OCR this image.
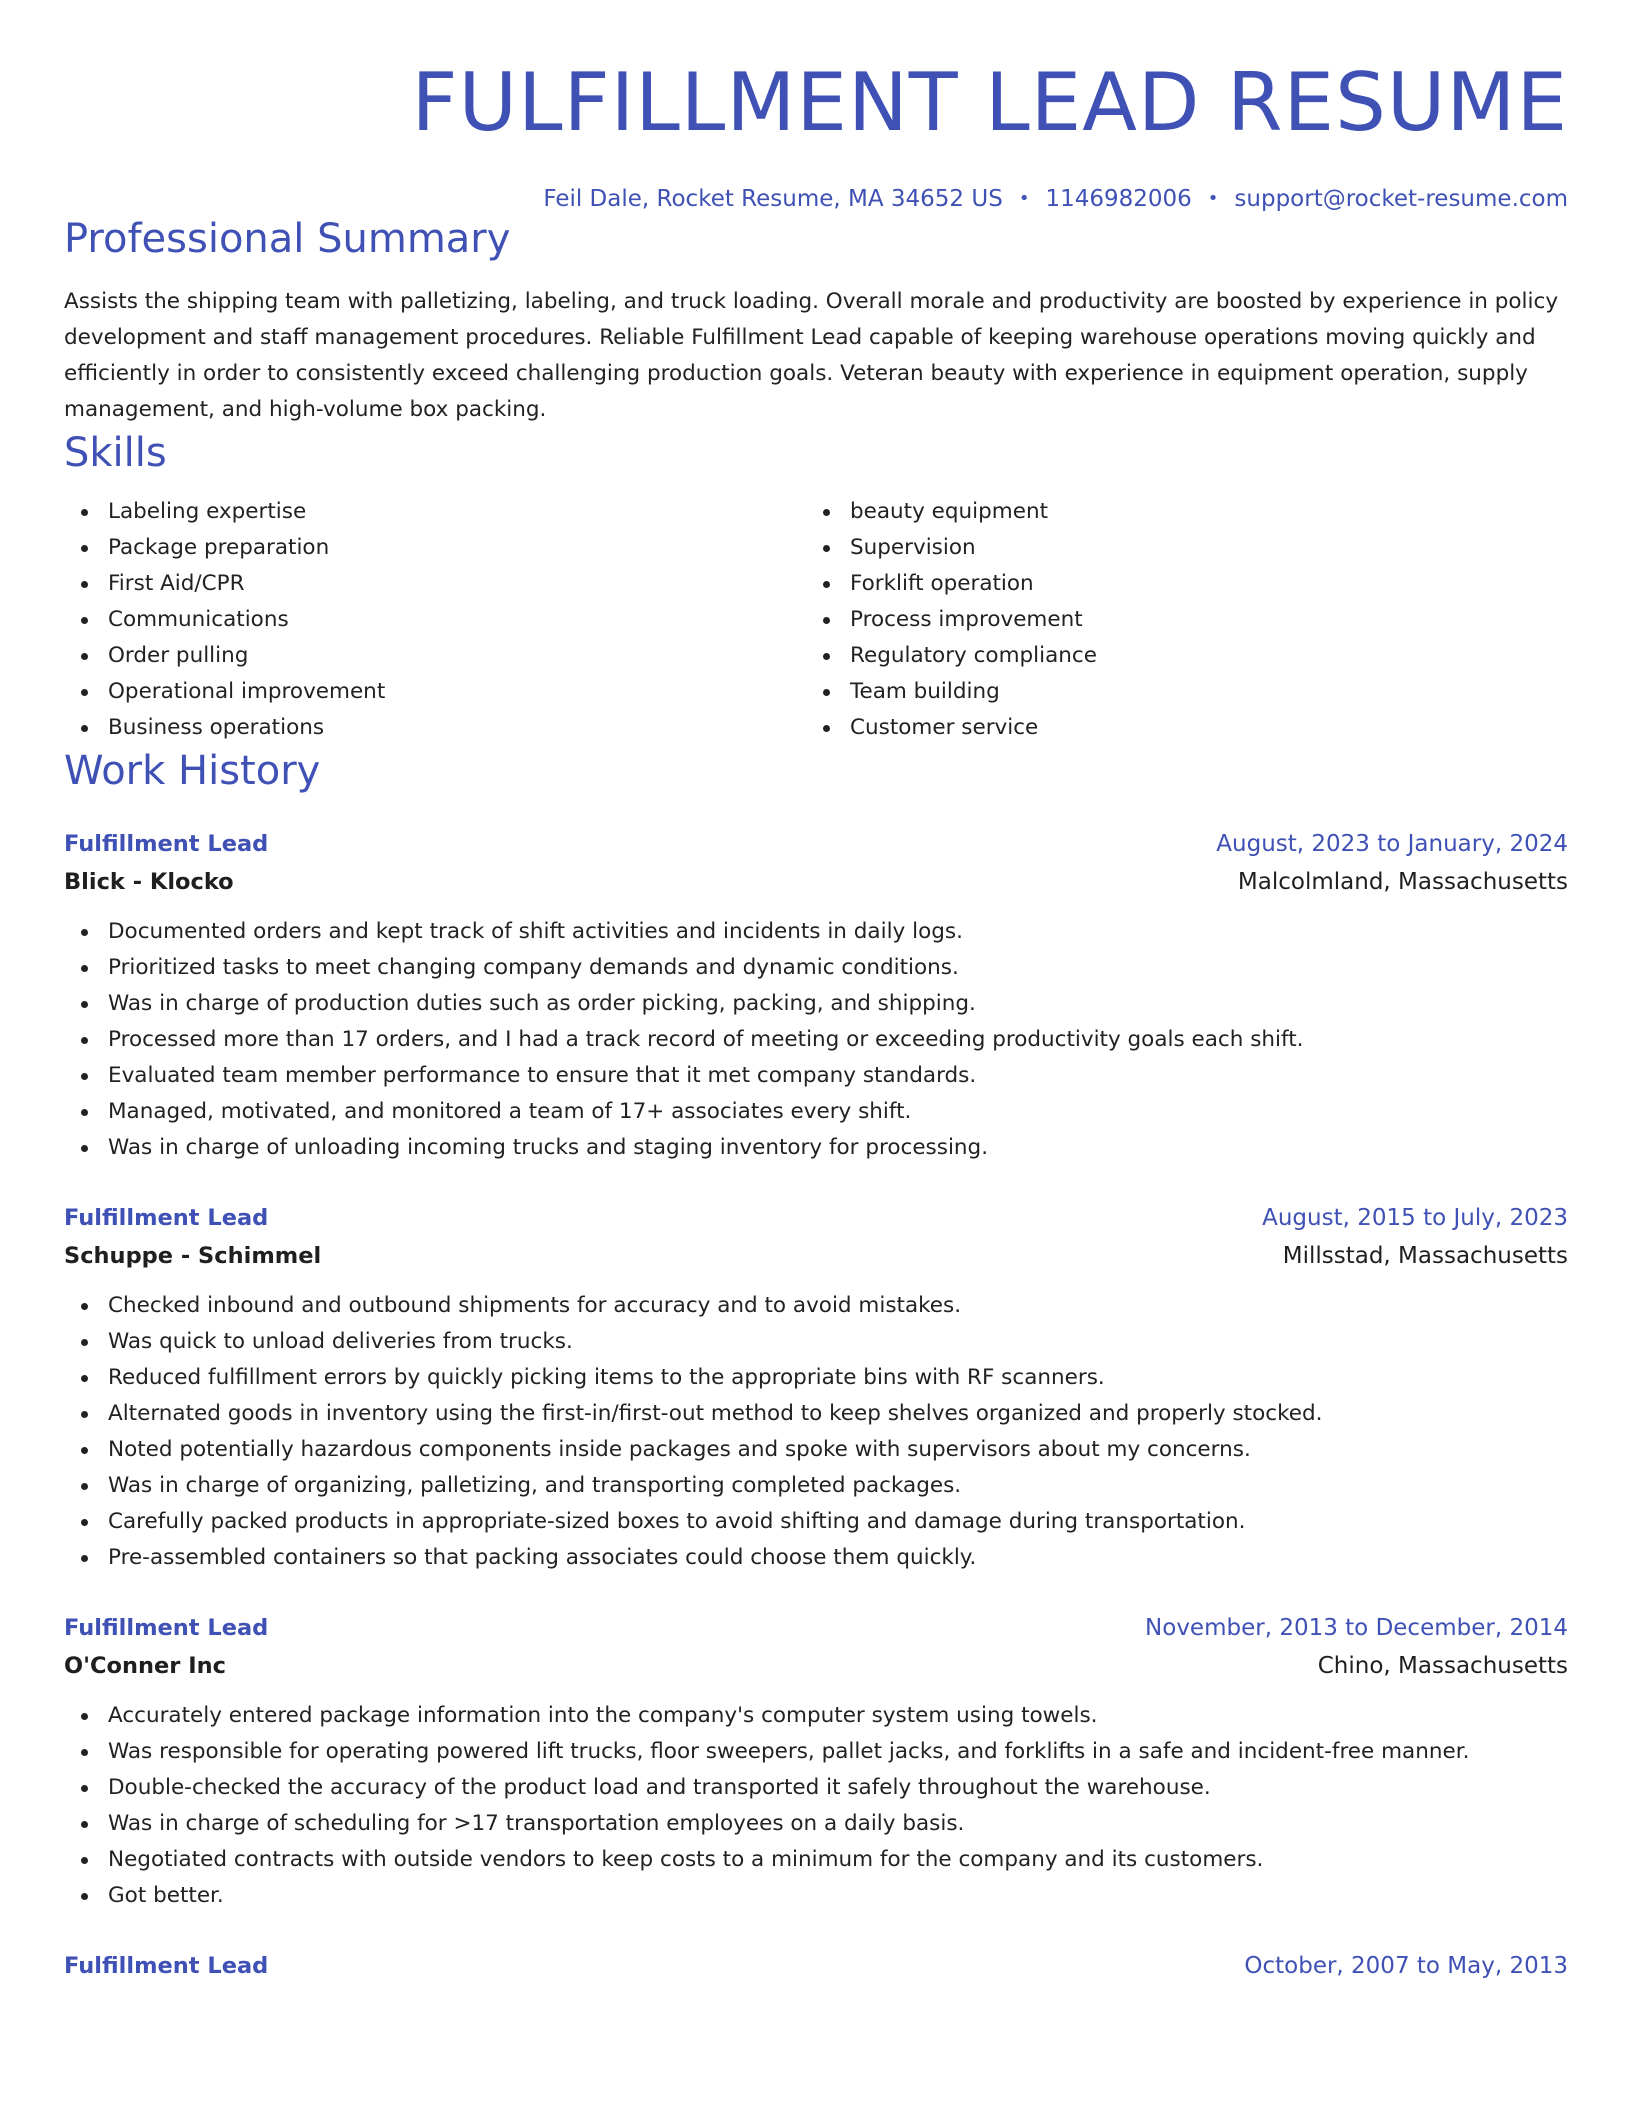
FULFILLMENT LEAD RESUME
Feil Dale, Rocket Resume, MA 34652 US • 1146982006 • support@rocket-resume.com
Professional Summary
Assists the shipping team with palletizing, labeling, and truck loading. Overall morale and productivity are boosted by experience in policy development and staff management procedures. Reliable Fulfillment Lead capable of keeping warehouse operations moving quickly and efficiently in order to consistently exceed challenging production goals. Veteran beauty with experience in equipment operation, supply management, and high-volume box packing.
Skills
Labeling expertise
Package preparation
First Aid/CPR
Communications
Order pulling
Operational improvement
Business operations
beauty equipment
Supervision
Forklift operation
Process improvement
Regulatory compliance
Team building
Customer service
Work History
Fulfillment Lead	August, 2023 to January, 2024
Blick - Klocko	Malcolmland, Massachusetts
Documented orders and kept track of shift activities and incidents in daily logs.
Prioritized tasks to meet changing company demands and dynamic conditions.
Was in charge of production duties such as order picking, packing, and shipping.
Processed more than 17 orders, and I had a track record of meeting or exceeding productivity goals each shift.
Evaluated team member performance to ensure that it met company standards.
Managed, motivated, and monitored a team of 17+ associates every shift.
Was in charge of unloading incoming trucks and staging inventory for processing.
Fulfillment Lead	August, 2015 to July, 2023
Schuppe - Schimmel	Millsstad, Massachusetts
Checked inbound and outbound shipments for accuracy and to avoid mistakes.
Was quick to unload deliveries from trucks.
Reduced fulfillment errors by quickly picking items to the appropriate bins with RF scanners.
Alternated goods in inventory using the first-in/first-out method to keep shelves organized and properly stocked.
Noted potentially hazardous components inside packages and spoke with supervisors about my concerns.
Was in charge of organizing, palletizing, and transporting completed packages.
Carefully packed products in appropriate-sized boxes to avoid shifting and damage during transportation.
Pre-assembled containers so that packing associates could choose them quickly.
Fulfillment Lead	November, 2013 to December, 2014
O'Conner Inc	Chino, Massachusetts
Accurately entered package information into the company's computer system using towels.
Was responsible for operating powered lift trucks, floor sweepers, pallet jacks, and forklifts in a safe and incident-free manner.
Double-checked the accuracy of the product load and transported it safely throughout the warehouse.
Was in charge of scheduling for >17 transportation employees on a daily basis.
Negotiated contracts with outside vendors to keep costs to a minimum for the company and its customers.
Got better.
Fulfillment Lead	October, 2007 to May, 2013
